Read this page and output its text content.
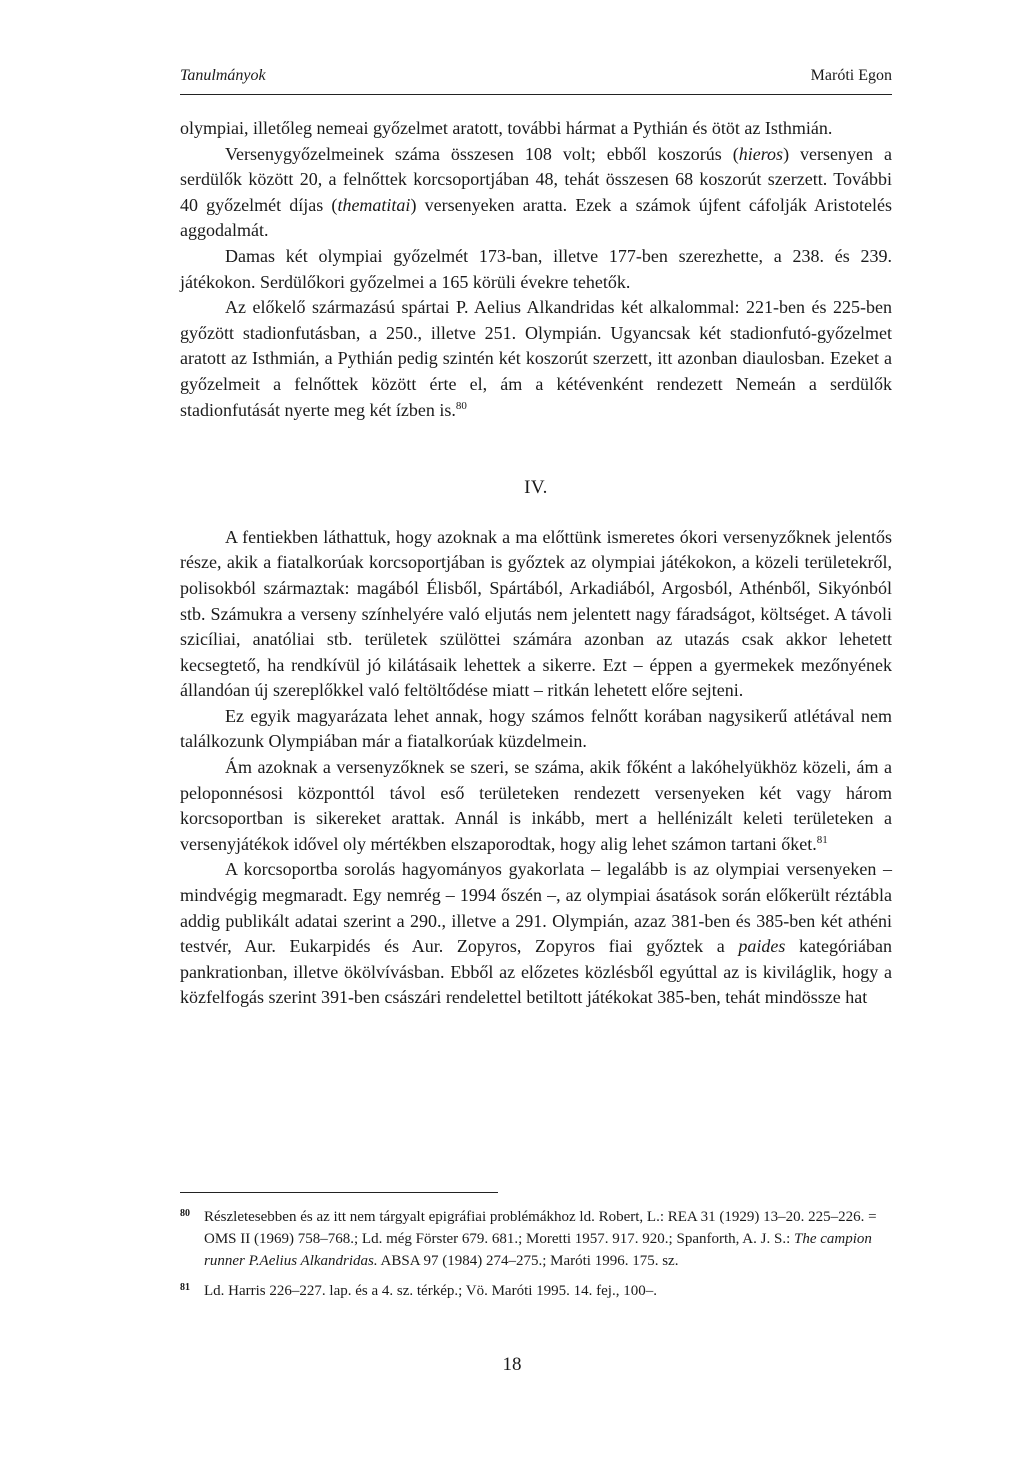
Tanulmányok	Maróti Egon

olympiai, illetőleg nemeai győzelmet aratott, további hármat a Pythián és ötöt az Isthmián.

Versenygyőzelmeinek száma összesen 108 volt; ebből koszorús (hieros) versenyen a serdülők között 20, a felnőttek korcsoportjában 48, tehát összesen 68 koszorút szerzett. További 40 győzelmét díjas (thematitai) versenyeken aratta. Ezek a számok újfent cáfolják Aristotelés aggodalmát.

Damas két olympiai győzelmét 173-ban, illetve 177-ben szerezhette, a 238. és 239. játékokon. Serdülőkori győzelmei a 165 körüli évekre tehetők.

Az előkelő származású spártai P. Aelius Alkandridas két alkalommal: 221-ben és 225-ben győzött stadionfutásban, a 250., illetve 251. Olympián. Ugyancsak két stadionfutó-győzelmet aratott az Isthmián, a Pythián pedig szintén két koszorút szerzett, itt azonban diaulosban. Ezeket a győzelmeit a felnőttek között érte el, ám a kétévenként rendezett Nemeán a serdülők stadionfutását nyerte meg két ízben is.$^{80}$

IV.

A fentiekben láthattuk, hogy azoknak a ma előttünk ismeretes ókori versenyzőknek jelentős része, akik a fiatalkorúak korcsoportjában is győztek az olympiai játékokon, a közeli területekről, polisokból származtak: magából Élisből, Spártából, Arkadiából, Argosból, Athénből, Sikyónból stb. Számukra a verseny színhelyére való eljutás nem jelentett nagy fáradságot, költséget. A távoli szicíliai, anatóliai stb. területek szülöttei számára azonban az utazás csak akkor lehetett kecsegtető, ha rendkívül jó kilátásaik lehettek a sikerre. Ezt – éppen a gyermekek mezőnyének állandóan új szereplőkkel való feltöltődése miatt – ritkán lehetett előre sejteni.

Ez egyik magyarázata lehet annak, hogy számos felnőtt korában nagysikerű atlétával nem találkozunk Olympiában már a fiatalkorúak küzdelmein.

Ám azoknak a versenyzőknek se szeri, se száma, akik főként a lakóhelyükhöz közeli, ám a peloponnésosi központtól távol eső területeken rendezett versenyeken két vagy három korcsoportban is sikereket arattak. Annál is inkább, mert a hellénizált keleti területeken a versenyjátékok idővel oly mértékben elszaporodtak, hogy alig lehet számon tartani őket.$^{81}$

A korcsoportba sorolás hagyományos gyakorlata – legalább is az olympiai versenyeken – mindvégig megmaradt. Egy nemrég – 1994 őszén –, az olympiai ásatások során előkerült réztábla addig publikált adatai szerint a 290., illetve a 291. Olympián, azaz 381-ben és 385-ben két athéni testvér, Aur. Eukarpidés és Aur. Zopyros, Zopyros fiai győztek a paides kategóriában pankrationban, illetve ökölvívásban. Ebből az előzetes közlésből egyúttal az is kiviláglik, hogy a közfelfogás szerint 391-ben császári rendelettel betiltott játékokat 385-ben, tehát mindössze hat

80 Részletesebben és az itt nem tárgyalt epigráfiai problémákhoz ld. Robert, L.: REA 31 (1929) 13–20. 225–226. = OMS II (1969) 758–768.; Ld. még Förster 679. 681.; Moretti 1957. 917. 920.; Spanforth, A. J. S.: The campion runner P.Aelius Alkandridas. ABSA 97 (1984) 274–275.; Maróti 1996. 175. sz.
81 Ld. Harris 226–227. lap. és a 4. sz. térkép.; Vö. Maróti 1995. 14. fej., 100–.
18
